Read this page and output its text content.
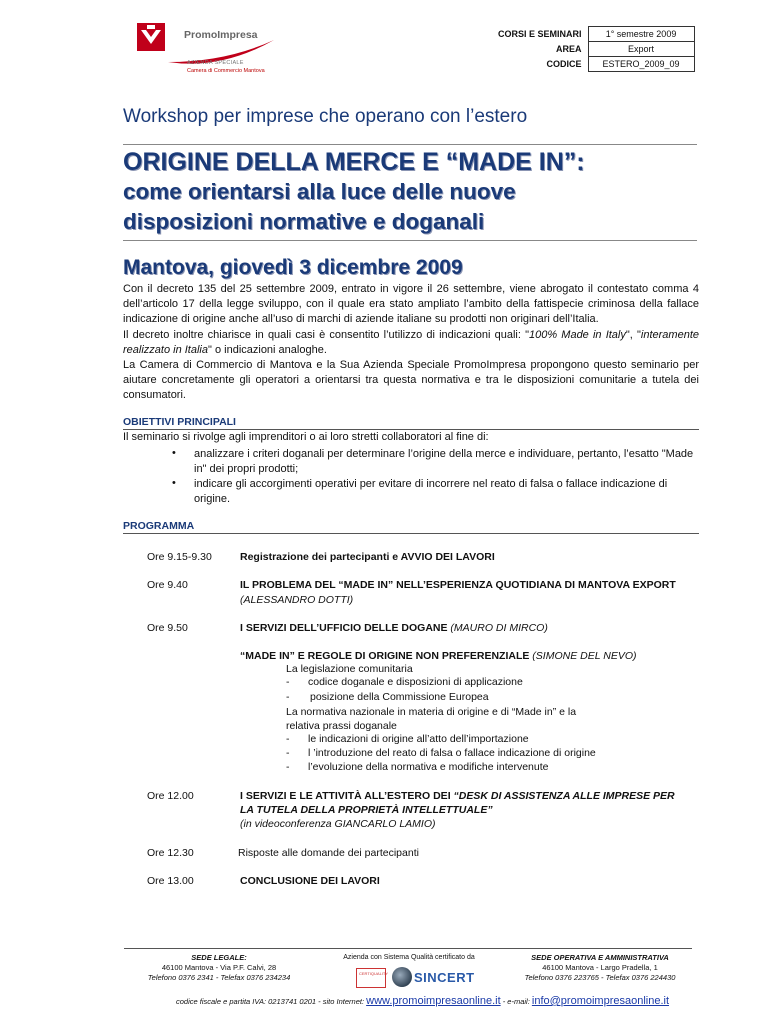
PromoImpresa
AZIENDA SPECIALE
Camera di Commercio Mantova
CORSI E SEMINARI	1° semestre 2009
AREA	Export
CODICE	ESTERO_2009_09
Workshop per imprese che operano con l’estero
ORIGINE DELLA MERCE E “MADE IN”:
come orientarsi alla luce delle nuove
disposizioni normative e doganali
Mantova, giovedì 3 dicembre 2009
Con il decreto 135 del 25 settembre 2009, entrato in vigore il 26 settembre, viene abrogato il contestato comma 4 dell’articolo 17 della legge sviluppo, con il quale era stato ampliato l’ambito della fattispecie criminosa della fallace indicazione di origine anche all’uso di marchi di aziende italiane su prodotti non originari dell’Italia.
Il decreto inoltre chiarisce in quali casi è consentito l’utilizzo di indicazioni quali: "100% Made in Italy", "interamente realizzato in Italia" o indicazioni analoghe.
La Camera di Commercio di Mantova e la Sua Azienda Speciale PromoImpresa propongono questo seminario per aiutare concretamente gli operatori a orientarsi tra questa normativa e tra le disposizioni comunitarie a tutela dei consumatori.
OBIETTIVI PRINCIPALI
Il seminario si rivolge agli imprenditori o ai loro stretti collaboratori al fine di:
• analizzare i criteri doganali per determinare l’origine della merce e individuare, pertanto, l’esatto "Made in" dei propri prodotti;
• indicare gli accorgimenti operativi per evitare di incorrere nel reato di falsa o fallace indicazione di origine.
PROGRAMMA
Ore 9.15-9.30	Registrazione dei partecipanti e AVVIO DEI LAVORI
Ore 9.40	IL PROBLEMA DEL “MADE IN” NELL’ESPERIENZA QUOTIDIANA DI MANTOVA EXPORT
(ALESSANDRO DOTTI)
Ore 9.50	I SERVIZI DELL’UFFICIO DELLE DOGANE (MAURO DI MIRCO)
“MADE IN” E REGOLE DI ORIGINE NON PREFERENZIALE (SIMONE DEL NEVO)
La legislazione comunitaria
- codice doganale e disposizioni di applicazione
- posizione della Commissione Europea
La normativa nazionale in materia di origine e di “Made in” e la
relativa prassi doganale
- le indicazioni di origine all’atto dell’importazione
- l ’introduzione del reato di falsa o fallace indicazione di origine
- l’evoluzione della normativa e modifiche intervenute
Ore 12.00	I SERVIZI E LE ATTIVITÀ ALL’ESTERO DEI “DESK DI ASSISTENZA ALLE IMPRESE PER
LA TUTELA DELLA PROPRIETÀ INTELLETTUALE”
(in videoconferenza GIANCARLO LAMIO)
Ore 12.30	Risposte alle domande dei partecipanti
Ore 13.00	CONCLUSIONE DEI LAVORI
SEDE LEGALE:
46100 Mantova - Via P.F. Calvi, 28
Telefono 0376 2341 - Telefax 0376 234234
Azienda con Sistema Qualità certificato da
CERTIQUALITY SINCERT
SEDE OPERATIVA E AMMINISTRATIVA
46100 Mantova - Largo Pradella, 1
Telefono 0376 223765 - Telefax 0376 224430
codice fiscale e partita IVA: 0213741 0201 - sito Internet: www.promoimpresaonline.it - e-mail: info@promoimpresaonline.it
